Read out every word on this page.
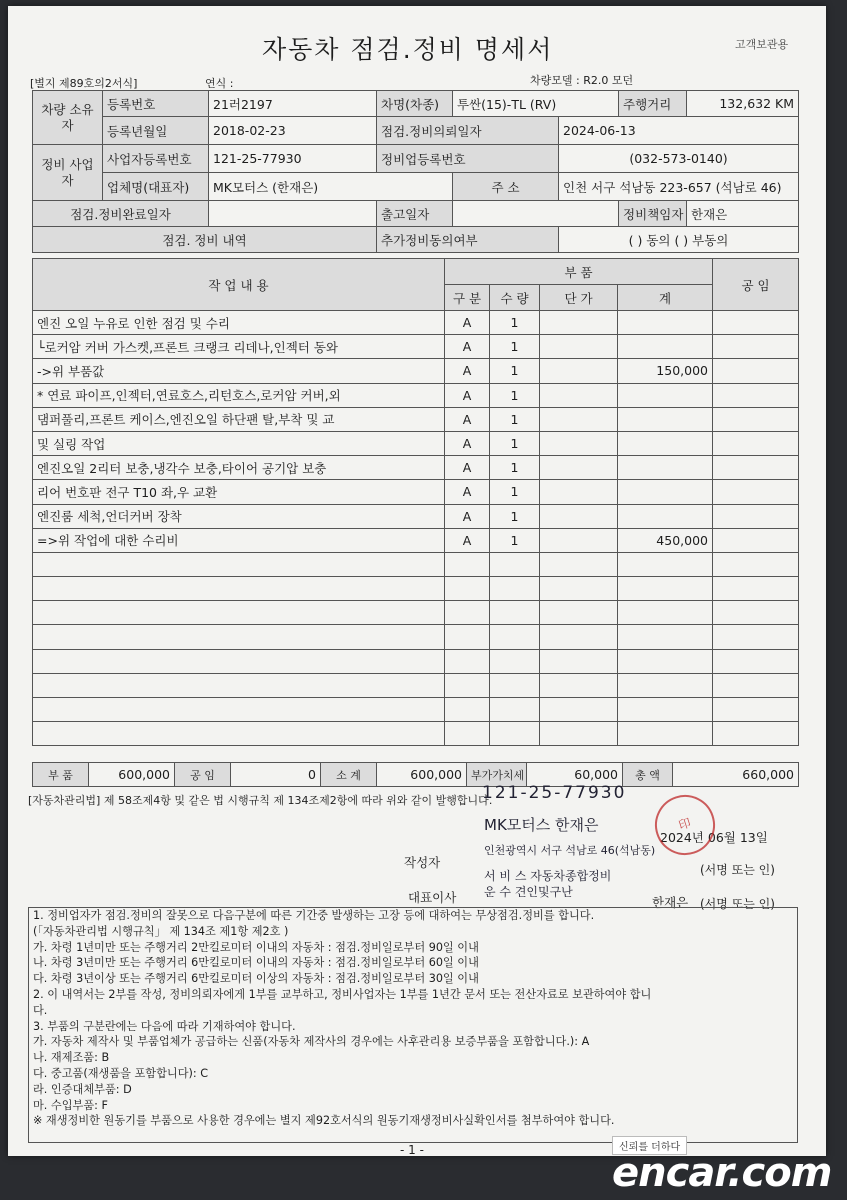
자동차 점검.정비 명세서	고객보관용
[별지 제89호의2서식]	연식 :	차량모델 : R2.0 모던
차량 소유자	등록번호	21러2197	차명(차종)	투싼(15)-TL (RV)		주행거리	132,632 KM
	등록년월일	2018-02-23	점검.정비의뢰일자		2024-06-13		
정비 사업자	사업자등록번호	121-25-77930	정비업등록번호		(032-573-0140)		
	업체명(대표자)	MK모터스 (한재은)		주 소	인천 서구 석남동 223-657 (석남로 46)		
점검.정비완료일자			출고일자			정비책임자	한재은
점검. 정비 내역			추가정비동의여부		( ) 동의 ( ) 부동의		
작 업 내 용	부 품				공 임
	구 분	수 량	단 가	계	
엔진 오일 누유로 인한 점검 및 수리	A	1			
└로커암 커버 가스켓,프론트 크랭크 리데나,인젝터 동와	A	1			
->위 부품값	A	1		150,000	
* 연료 파이프,인젝터,연료호스,리턴호스,로커암 커버,외	A	1			
댐퍼풀리,프론트 케이스,엔진오일 하단팬 탈,부착 및 교	A	1			
및 실링 작업	A	1			
엔진오일 2리터 보충,냉각수 보충,타이어 공기압 보충	A	1			
리어 번호판 전구 T10 좌,우 교환	A	1			
엔진룸 세척,언더커버 장착	A	1			
=>위 작업에 대한 수리비	A	1		450,000	

부 품	600,000	공 임	0	소 계	600,000	부가가치세	60,000	총 액	660,000
[자동차관리법] 제 58조제4항 및 같은 법 시행규칙 제 134조제2항에 따라 위와 같이 발행합니다.
121-25-77930
MK모터스 한재은
2024년 06월 13일
작성자
인천광역시 서구 석남로 46(석남동)
(서명 또는 인)
서 비 스 자동차종합정비
대표이사 운 수 견인및구난
한재은 (서명 또는 인)
印
1. 정비업자가 점검.정비의 잘못으로 다음구분에 따른 기간중 발생하는 고장 등에 대하여는 무상점검.정비를 합니다.
(「자동차관리법 시행규칙」 제 134조 제1항 제2호 )
가. 차령 1년미만 또는 주행거리 2만킬로미터 이내의 자동차 : 점검.정비일로부터 90일 이내
나. 차령 3년미만 또는 주행거리 6만킬로미터 이내의 자동차 : 점검.정비일로부터 60일 이내
다. 차령 3년이상 또는 주행거리 6만킬로미터 이상의 자동차 : 점검.정비일로부터 30일 이내
2. 이 내역서는 2부를 작성, 정비의뢰자에게 1부를 교부하고, 정비사업자는 1부를 1년간 문서 또는 전산자료로 보관하여야 합니
다.
3. 부품의 구분란에는 다음에 따라 기재하여야 합니다.
가. 자동차 제작사 및 부품업체가 공급하는 신품(자동차 제작사의 경우에는 사후관리용 보증부품을 포함합니다.): A
나. 재제조품: B
다. 중고품(재생품을 포함합니다): C
라. 인증대체부품: D
마. 수입부품: F
※ 재생정비한 원동기를 부품으로 사용한 경우에는 별지 제92호서식의 원동기재생정비사실확인서를 첨부하여야 합니다.
- 1 -	신뢰를 더하다
encar.com
